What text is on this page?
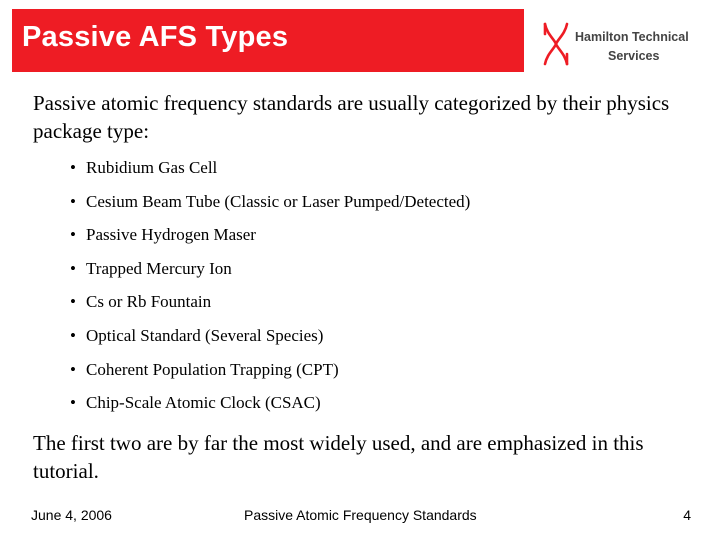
Passive AFS Types	Hamilton Technical
Services
Passive atomic frequency standards are usually categorized by their physics package type:
• Rubidium Gas Cell
• Cesium Beam Tube (Classic or Laser Pumped/Detected)
• Passive Hydrogen Maser
• Trapped Mercury Ion
• Cs or Rb Fountain
• Optical Standard (Several Species)
• Coherent Population Trapping (CPT)
• Chip-Scale Atomic Clock (CSAC)
The first two are by far the most widely used, and are emphasized in this tutorial.
June 4, 2006	Passive Atomic Frequency Standards	4
